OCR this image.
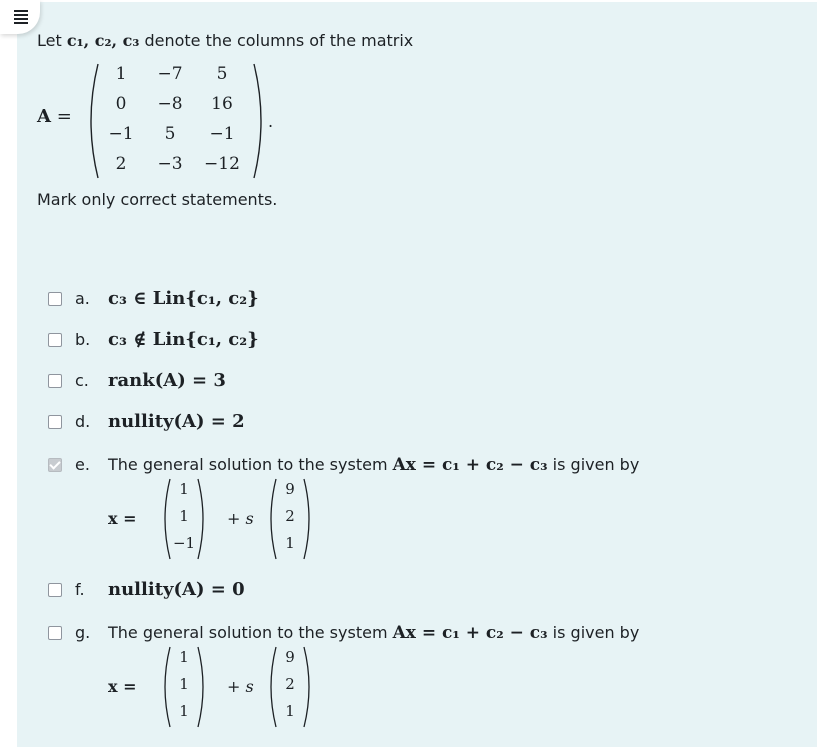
Let c₁, c₂, c₃ denote the columns of the matrix
A =
1	−7	5
0	−8	16
−1	5	−1
2	−3	−12
.
Mark only correct statements.
a. c₃ ∈ Lin{c₁, c₂}
b. c₃ ∉ Lin{c₁, c₂}
c. rank(A) = 3
d. nullity(A) = 2
e. The general solution to the system Ax = c₁ + c₂ − c₃ is given by
x =
1
1
−1
+ s
9
2
1
f. nullity(A) = 0
g. The general solution to the system Ax = c₁ + c₂ − c₃ is given by
x =
1
1
1
+ s
9
2
1
